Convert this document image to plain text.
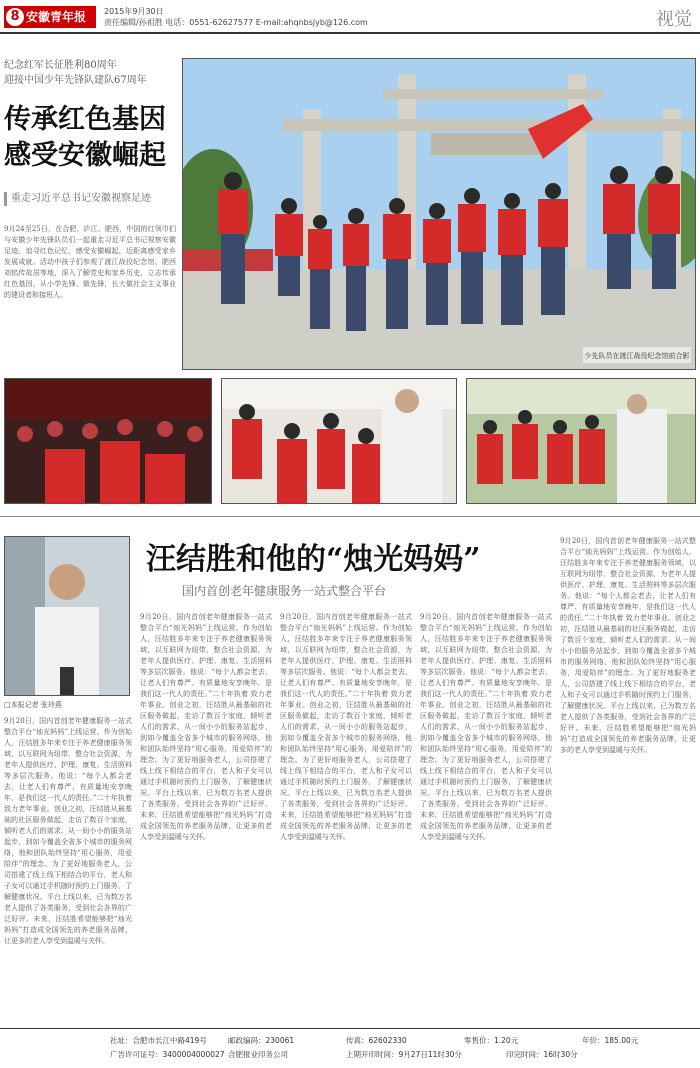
8 安徽青年报	2015年9月30日
责任编辑/孙祖胜 电话：0551-62627577 E-mail:ahqnbsjyb@126.com	视觉
纪念红军长征胜利80周年
迎接中国少年先锋队建队67周年
传承红色基因
感受安徽崛起
重走习近平总书记安徽视察足迹
9月24至25日，在合肥、庐江、肥西，中国的红领巾们与安徽少年先锋队员们一起重走习近平总书记视察安徽足迹，追寻红色记忆，感受安徽崛起，近距离感受家乡发展成就。活动中孩子们参观了渡江战役纪念馆、肥西刘铭传故居等地，深入了解党史和家乡历史，立志传承红色基因，从小学先锋、做先锋，长大做社会主义事业的建设者和接班人。
少先队员在渡江战役纪念馆前合影
□本报记者 张玲燕
汪结胜和他的“烛光妈妈”
国内首创老年健康服务一站式整合平台
9月20日，国内首创老年健康服务一站式整合平台“烛光妈妈”上线运营。作为创始人，汪结胜多年来专注于养老健康服务领域，以互联网为纽带，整合社会资源，为老年人提供医疗、护理、康复、生活照料等多层次服务。他说：“每个人都会老去，让老人们有尊严、有质量地安享晚年，是我们这一代人的责任。”二十年执着 致力老年事业。创业之初，汪结胜从最基础的社区服务做起，走访了数百个家庭，倾听老人们的需求。从一间小小的服务站起步，到如今覆盖全省多个城市的服务网络，他和团队始终坚持“用心服务，用爱陪伴”的理念。为了更好地服务老人，公司搭建了线上线下相结合的平台，老人和子女可以通过手机随时预约上门服务，了解健康状况。平台上线以来，已为数万名老人提供了各类服务，受到社会各界的广泛好评。未来，汪结胜希望能够把“烛光妈妈”打造成全国领先的养老服务品牌，让更多的老人享受到温暖与关怀。
9月20日，国内首创老年健康服务一站式整合平台“烛光妈妈”上线运营。作为创始人，汪结胜多年来专注于养老健康服务领域，以互联网为纽带，整合社会资源，为老年人提供医疗、护理、康复、生活照料等多层次服务。他说：“每个人都会老去，让老人们有尊严、有质量地安享晚年，是我们这一代人的责任。”二十年执着 致力老年事业。创业之初，汪结胜从最基础的社区服务做起，走访了数百个家庭，倾听老人们的需求。从一间小小的服务站起步，到如今覆盖全省多个城市的服务网络，他和团队始终坚持“用心服务，用爱陪伴”的理念。为了更好地服务老人，公司搭建了线上线下相结合的平台，老人和子女可以通过手机随时预约上门服务，了解健康状况。平台上线以来，已为数万名老人提供了各类服务，受到社会各界的广泛好评。未来，汪结胜希望能够把“烛光妈妈”打造成全国领先的养老服务品牌，让更多的老人享受到温暖与关怀。
9月20日，国内首创老年健康服务一站式整合平台“烛光妈妈”上线运营。作为创始人，汪结胜多年来专注于养老健康服务领域，以互联网为纽带，整合社会资源，为老年人提供医疗、护理、康复、生活照料等多层次服务。他说：“每个人都会老去，让老人们有尊严、有质量地安享晚年，是我们这一代人的责任。”二十年执着 致力老年事业。创业之初，汪结胜从最基础的社区服务做起，走访了数百个家庭，倾听老人们的需求。从一间小小的服务站起步，到如今覆盖全省多个城市的服务网络，他和团队始终坚持“用心服务，用爱陪伴”的理念。为了更好地服务老人，公司搭建了线上线下相结合的平台，老人和子女可以通过手机随时预约上门服务，了解健康状况。平台上线以来，已为数万名老人提供了各类服务，受到社会各界的广泛好评。未来，汪结胜希望能够把“烛光妈妈”打造成全国领先的养老服务品牌，让更多的老人享受到温暖与关怀。
9月20日，国内首创老年健康服务一站式整合平台“烛光妈妈”上线运营。作为创始人，汪结胜多年来专注于养老健康服务领域，以互联网为纽带，整合社会资源，为老年人提供医疗、护理、康复、生活照料等多层次服务。他说：“每个人都会老去，让老人们有尊严、有质量地安享晚年，是我们这一代人的责任。”二十年执着 致力老年事业。创业之初，汪结胜从最基础的社区服务做起，走访了数百个家庭，倾听老人们的需求。从一间小小的服务站起步，到如今覆盖全省多个城市的服务网络，他和团队始终坚持“用心服务，用爱陪伴”的理念。为了更好地服务老人，公司搭建了线上线下相结合的平台，老人和子女可以通过手机随时预约上门服务，了解健康状况。平台上线以来，已为数万名老人提供了各类服务，受到社会各界的广泛好评。未来，汪结胜希望能够把“烛光妈妈”打造成全国领先的养老服务品牌，让更多的老人享受到温暖与关怀。
9月20日，国内首创老年健康服务一站式整合平台“烛光妈妈”上线运营。作为创始人，汪结胜多年来专注于养老健康服务领域，以互联网为纽带，整合社会资源，为老年人提供医疗、护理、康复、生活照料等多层次服务。他说：“每个人都会老去，让老人们有尊严、有质量地安享晚年，是我们这一代人的责任。”二十年执着 致力老年事业。创业之初，汪结胜从最基础的社区服务做起，走访了数百个家庭，倾听老人们的需求。从一间小小的服务站起步，到如今覆盖全省多个城市的服务网络，他和团队始终坚持“用心服务，用爱陪伴”的理念。为了更好地服务老人，公司搭建了线上线下相结合的平台，老人和子女可以通过手机随时预约上门服务，了解健康状况。平台上线以来，已为数万名老人提供了各类服务，受到社会各界的广泛好评。未来，汪结胜希望能够把“烛光妈妈”打造成全国领先的养老服务品牌，让更多的老人享受到温暖与关怀。
社址：合肥市长江中路419号	邮政编码：230061	传真：62602330	零售价：1.20元	年价：185.00元
广告许可证号：3400004000027 合肥报业印务公司	上期开印时间：9月27日11时30分	印完时间：16时30分
